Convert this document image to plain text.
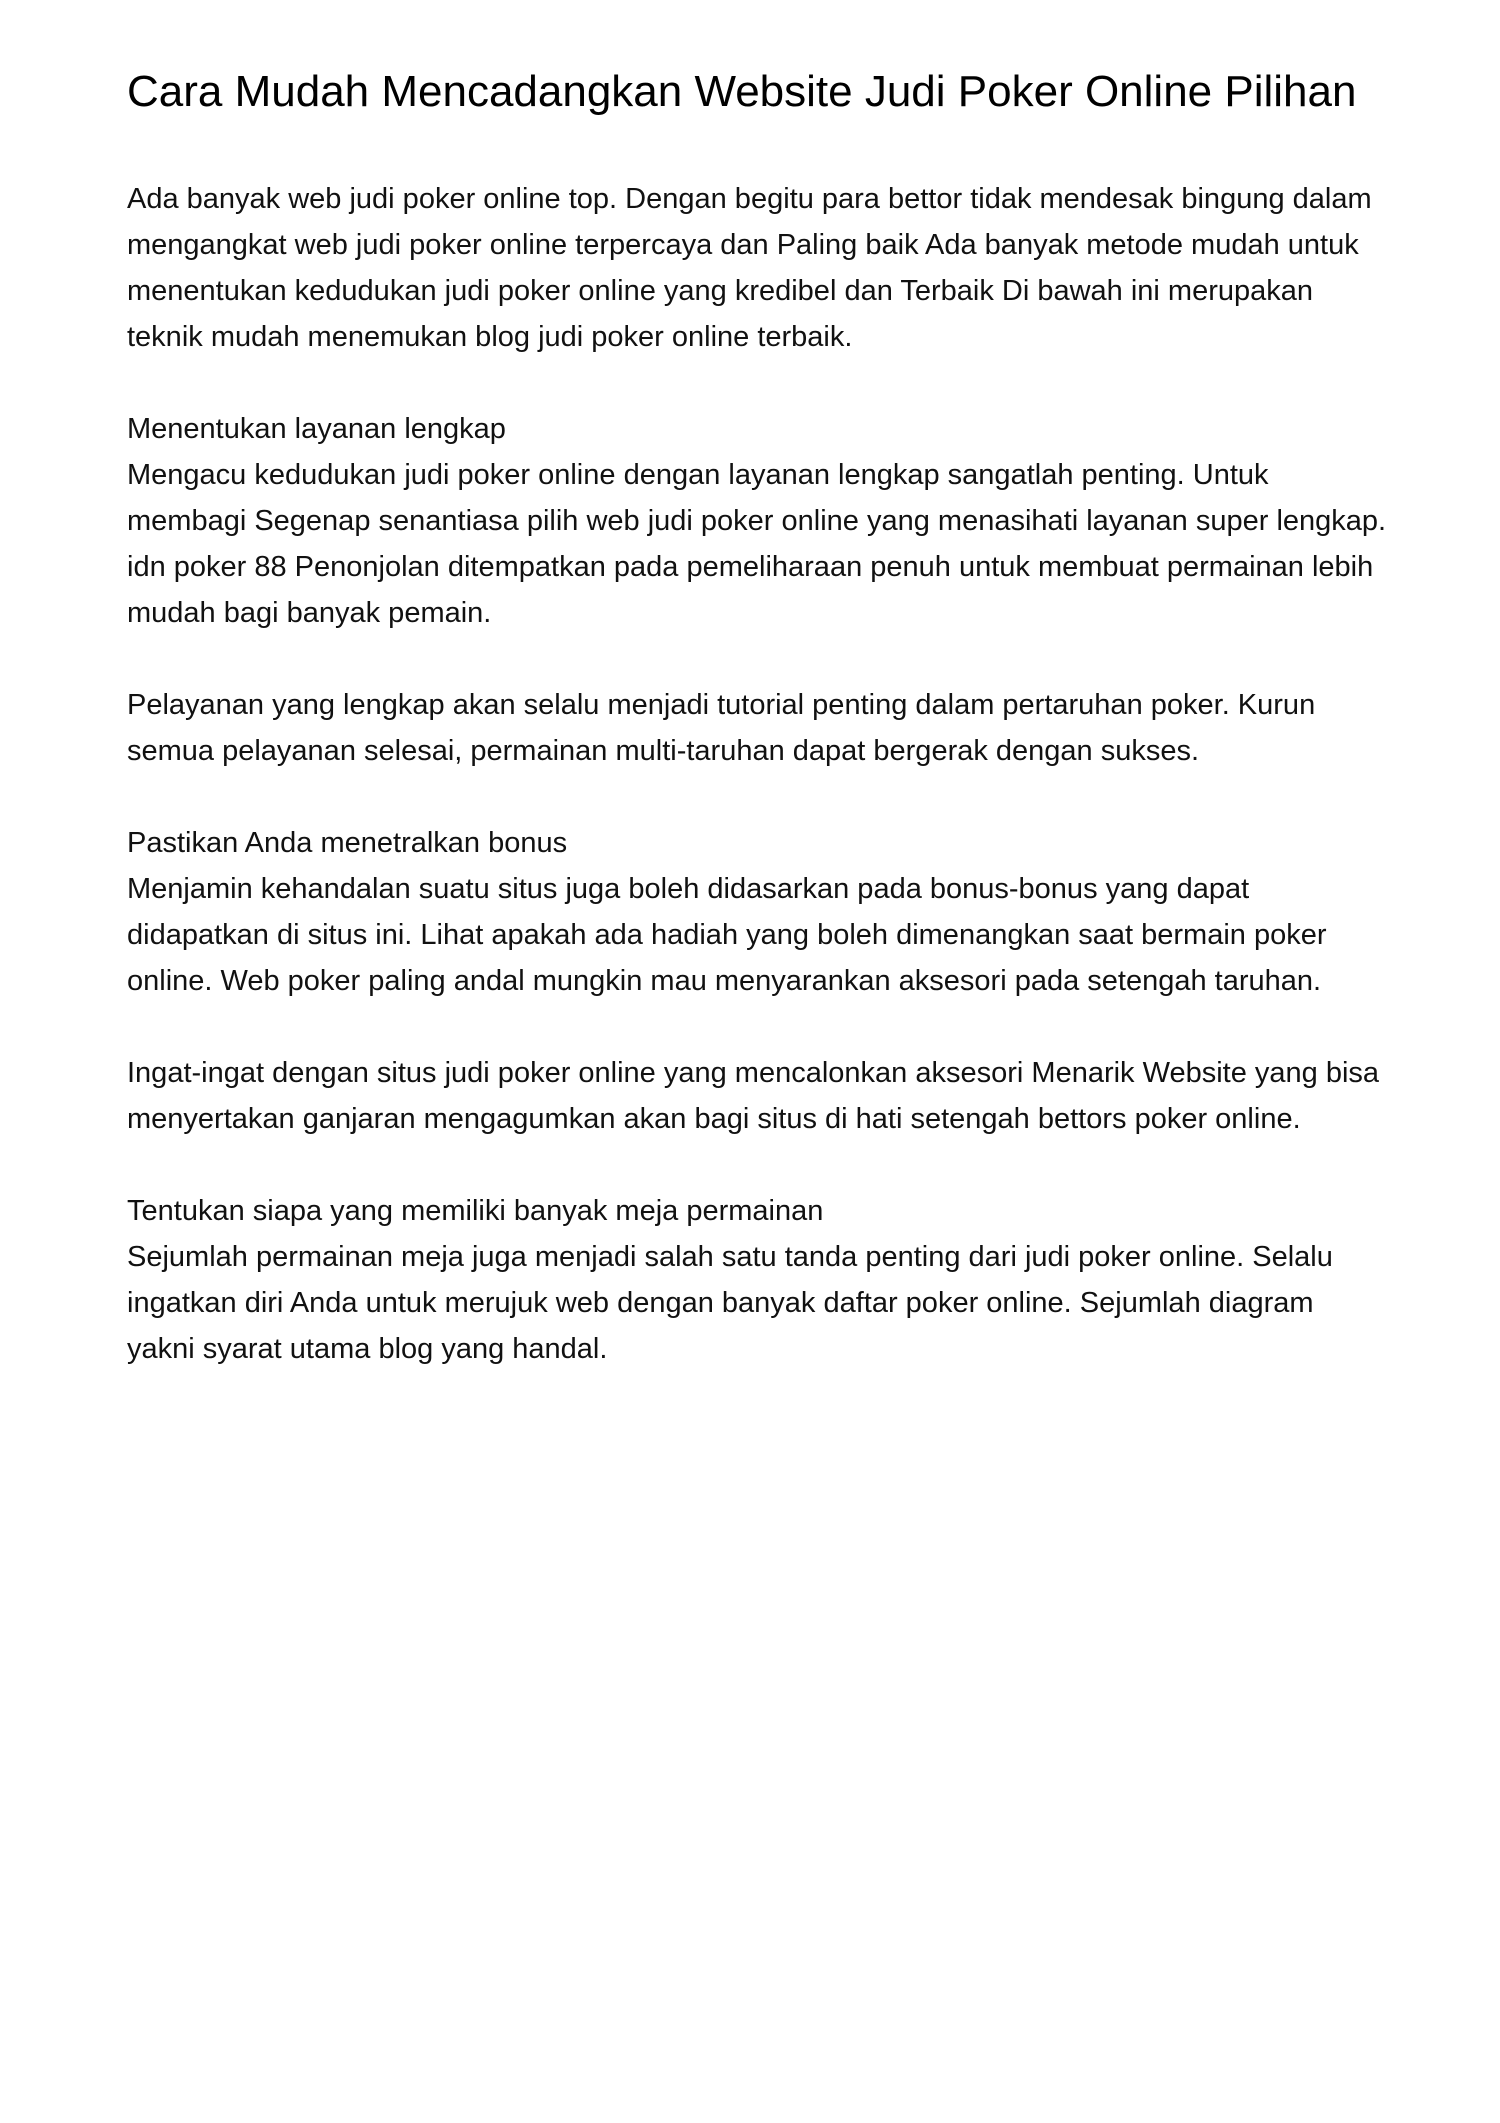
Cara Mudah Mencadangkan Website Judi Poker Online Pilihan

Ada banyak web judi poker online top. Dengan begitu para bettor tidak mendesak bingung dalam mengangkat web judi poker online terpercaya dan Paling baik Ada banyak metode mudah untuk menentukan kedudukan judi poker online yang kredibel dan Terbaik Di bawah ini merupakan teknik mudah menemukan blog judi poker online terbaik.

Menentukan layanan lengkap

Mengacu kedudukan judi poker online dengan layanan lengkap sangatlah penting. Untuk membagi Segenap senantiasa pilih web judi poker online yang menasihati layanan super lengkap. idn poker 88 Penonjolan ditempatkan pada pemeliharaan penuh untuk membuat permainan lebih mudah bagi banyak pemain.

Pelayanan yang lengkap akan selalu menjadi tutorial penting dalam pertaruhan poker. Kurun semua pelayanan selesai, permainan multi-taruhan dapat bergerak dengan sukses.

Pastikan Anda menetralkan bonus

Menjamin kehandalan suatu situs juga boleh didasarkan pada bonus-bonus yang dapat didapatkan di situs ini. Lihat apakah ada hadiah yang boleh dimenangkan saat bermain poker online. Web poker paling andal mungkin mau menyarankan aksesori pada setengah taruhan.

Ingat-ingat dengan situs judi poker online yang mencalonkan aksesori Menarik Website yang bisa menyertakan ganjaran mengagumkan akan bagi situs di hati setengah bettors poker online.

Tentukan siapa yang memiliki banyak meja permainan

Sejumlah permainan meja juga menjadi salah satu tanda penting dari judi poker online. Selalu ingatkan diri Anda untuk merujuk web dengan banyak daftar poker online. Sejumlah diagram yakni syarat utama blog yang handal.
